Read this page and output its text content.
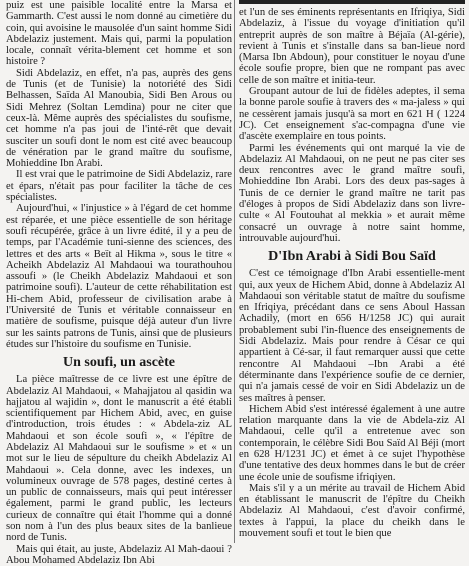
puiz est une paisible localité entre la Marsa et Gammarth. C'est aussi le nom donné au cimetière du coin, qui avoisine le mausolée d'un saint homme Sidi Abdelaziz justement. Mais qui, parmi la population locale, connaît vérita-blement cet homme et son histoire ?

Sidi Abdelaziz, en effet, n'a pas, auprès des gens de Tunis (et de Tunisie) la notoriété des Sidi Belhassen, Saïda Al Manoubia, Sidi Ben Arous ou Sidi Mehrez (Soltan Lemdina) pour ne citer que ceux-là. Même auprès des spécialistes du soufisme, cet homme n'a pas joui de l'inté-rêt que devait susciter un soufi dont le nom est cité avec beaucoup de vénération par le grand maître du soufisme, Mohieddine Ibn Arabi.

Il est vrai que le patrimoine de Sidi Abdelaziz, rare et épars, n'était pas pour faciliter la tâche de ces spécialistes.

Aujourd'hui, « l'injustice » à l'égard de cet homme est réparée, et une pièce essentielle de son héritage soufi récupérée, grâce à un livre édité, il y a peu de temps, par l'Académie tuni-sienne des sciences, des lettres et des arts « Beït al Hikma », sous le titre « Acheikh Abdelaziz Al Mahdaoui wa tourathouhou assoufi » (le Cheikh Abdelaziz Mahdaoui et son patrimoine soufi). L'auteur de cette réhabilitation est Hi-chem Abid, professeur de civilisation arabe à l'Université de Tunis et véritable connaisseur en matière de soufisme, puisque déjà auteur d'un livre sur les saints patrons de Tunis, ainsi que de plusieurs études sur l'histoire du soufisme en Tunisie.

Un soufi, un ascète

La pièce maîtresse de ce livre est une épître de Abdelaziz Al Mahdaoui, « Mahajjatou al qasidin wa hajjatou al wajidin », dont le manuscrit a été établi scientifiquement par Hichem Abid, avec, en guise d'introduction, trois études : « Abdela-ziz AL Mahdaoui et son école soufi », « l'épître de Abdelaziz Al Mahdaoui sur le soufisme » et « un mot sur le lieu de sépulture du cheikh Abdelaziz Al Mahdaoui ». Cela donne, avec les indexes, un volumineux ouvrage de 578 pages, destiné certes à un public de connaisseurs, mais qui peut intéresser également, parmi le grand public, les lecteurs curieux de connaître qui était l'homme qui a donné son nom à l'un des plus beaux sites de la banlieue nord de Tunis.

Mais qui était, au juste, Abdelaziz Al Mah-daoui ? Abou Mohamed Abdelaziz Ibn Abi

et l'un de ses éminents représentants en Ifriqiya, Sidi Abdelaziz, à l'issue du voyage d'initiation qu'il entreprit auprès de son maître à Béjaïa (Al-gérie), revient à Tunis et s'installe dans sa ban-lieue nord (Marsa Ibn Abdoun), pour constituer le noyau d'une école soufie propre, bien que ne rompant pas avec celle de son maître et initia-teur.

Groupant autour de lui de fidèles adeptes, il sema la bonne parole soufie à travers des « ma-jaless » qui ne cessèrent jamais jusqu'à sa mort en 621 H ( 1224 JC). Cet enseignement s'ac-compagna d'une vie d'ascète exemplaire en tous points.

Parmi les événements qui ont marqué la vie de Abdelaziz Al Mahdaoui, on ne peut ne pas citer ses deux rencontres avec le grand maître soufi, Mohieddine Ibn Arabi. Lors des deux pas-sages à Tunis de ce dernier le grand maître ne tarit pas d'éloges à propos de Sidi Abdelaziz dans son livre-culte « Al Foutouhat al mekkia » et aurait même consacré un ouvrage à notre saint homme, introuvable aujourd'hui.

D'Ibn Arabi à Sidi Bou Saïd

C'est ce témoignage d'Ibn Arabi essentielle-ment qui, aux yeux de Hichem Abid, donne à Abdelaziz Al Mahdaoui son véritable statut de maître du soufisme en Ifriqiya, précédant dans ce sens Aboul Hassan Achadily, (mort en 656 H/1258 JC) qui aurait probablement subi l'in-fluence des enseignements de Sidi Abdelaziz. Mais pour rendre à César ce qui appartient à Cé-sar, il faut remarquer aussi que cette rencontre Al Mahdaoui –Ibn Arabi a été déterminante dans l'expérience soufie de ce dernier, qui n'a jamais cessé de voir en Sidi Abdelaziz un de ses maîtres à penser.

Hichem Abid s'est intéressé également à une autre relation marquante dans la vie de Abdela-ziz Al Mahdaoui, celle qu'il a entretenue avec son contemporain, le célèbre Sidi Bou Saïd Al Béji (mort en 628 H/1231 JC) et émet à ce sujet l'hypothèse d'une tentative des deux hommes dans le but de créer une école unie de soufisme ifriqiyen.

Mais s'il y a un mérite au travail de Hichem Abid en établissant le manuscrit de l'épître du Cheikh Abdelaziz Al Mahdaoui, c'est d'avoir confirmé, textes à l'appui, la place du cheikh dans le mouvement soufi et tout le bien que
